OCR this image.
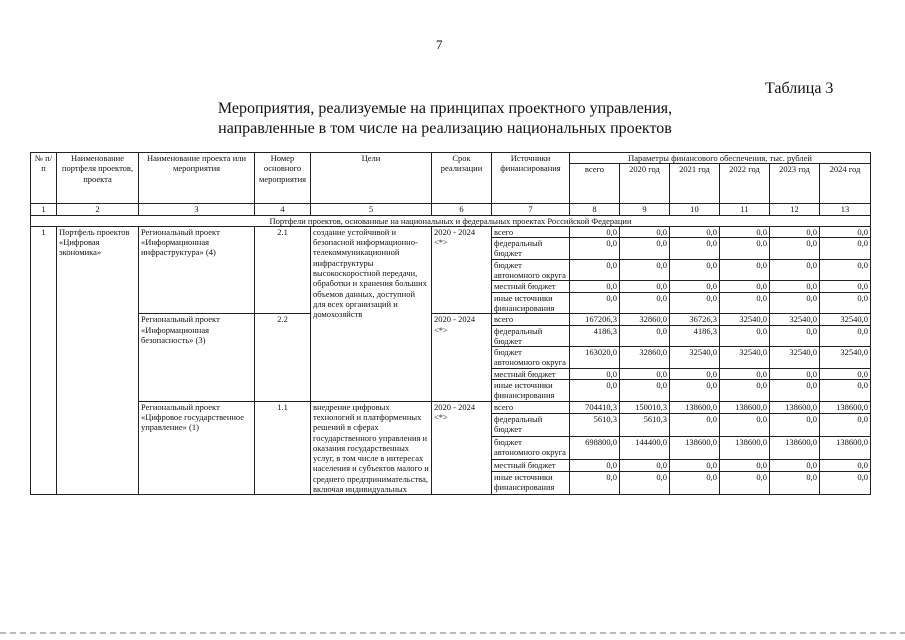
7
Таблица 3
Мероприятия, реализуемые на принципах проектного управления,
направленные в том числе на реализацию национальных проектов
№ п/п	Наименование портфеля проектов, проекта	Наименование проекта или мероприятия	Номер основного мероприятия	Цели	Срок реализации	Источники финансирования	Параметры финансового обеспечения, тыс. рублей					
							всего	2020 год	2021 год	2022 год	2023 год	2024 год
1	2	3	4	5	6	7	8	9	10	11	12	13
Портфели проектов, основанные на национальных и федеральных проектах Российской Федерации												
1	Портфель проектов «Цифровая экономика»	Региональный проект «Информационная инфраструктура» (4)	2.1	создание устойчивой и безопасной информационно-телекоммуникационной инфраструктуры высокоскоростной передачи, обработки и хранения больших объемов данных, доступной для всех организаций и домохозяйств	2020 - 2024 <*>	всего	0,0	0,0	0,0	0,0	0,0	0,0
						федеральный бюджет	0,0	0,0	0,0	0,0	0,0	0,0
						бюджет автономного округа	0,0	0,0	0,0	0,0	0,0	0,0
						местный бюджет	0,0	0,0	0,0	0,0	0,0	0,0
						иные источники финансирования	0,0	0,0	0,0	0,0	0,0	0,0
		Региональный проект «Информационная безопасность» (3)	2.2		2020 - 2024 <*>	всего	167206,3	32860,0	36726,3	32540,0	32540,0	32540,0
						федеральный бюджет	4186,3	0,0	4186,3	0,0	0,0	0,0
						бюджет автономного округа	163020,0	32860,0	32540,0	32540,0	32540,0	32540,0
						местный бюджет	0,0	0,0	0,0	0,0	0,0	0,0
						иные источники финансирования	0,0	0,0	0,0	0,0	0,0	0,0
		Региональный проект «Цифровое государственное управление» (1)	1.1	внедрение цифровых технологий и платформенных решений в сферах государственного управления и оказания государственных услуг, в том числе в интересах населения и субъектов малого и среднего предпринимательства, включая индивидуальных	2020 - 2024 <*>	всего	704410,3	150010,3	138600,0	138600,0	138600,0	138600,0
						федеральный бюджет	5610,3	5610,3	0,0	0,0	0,0	0,0
						бюджет автономного округа	698800,0	144400,0	138600,0	138600,0	138600,0	138600,0
						местный бюджет	0,0	0,0	0,0	0,0	0,0	0,0
						иные источники финансирования	0,0	0,0	0,0	0,0	0,0	0,0
